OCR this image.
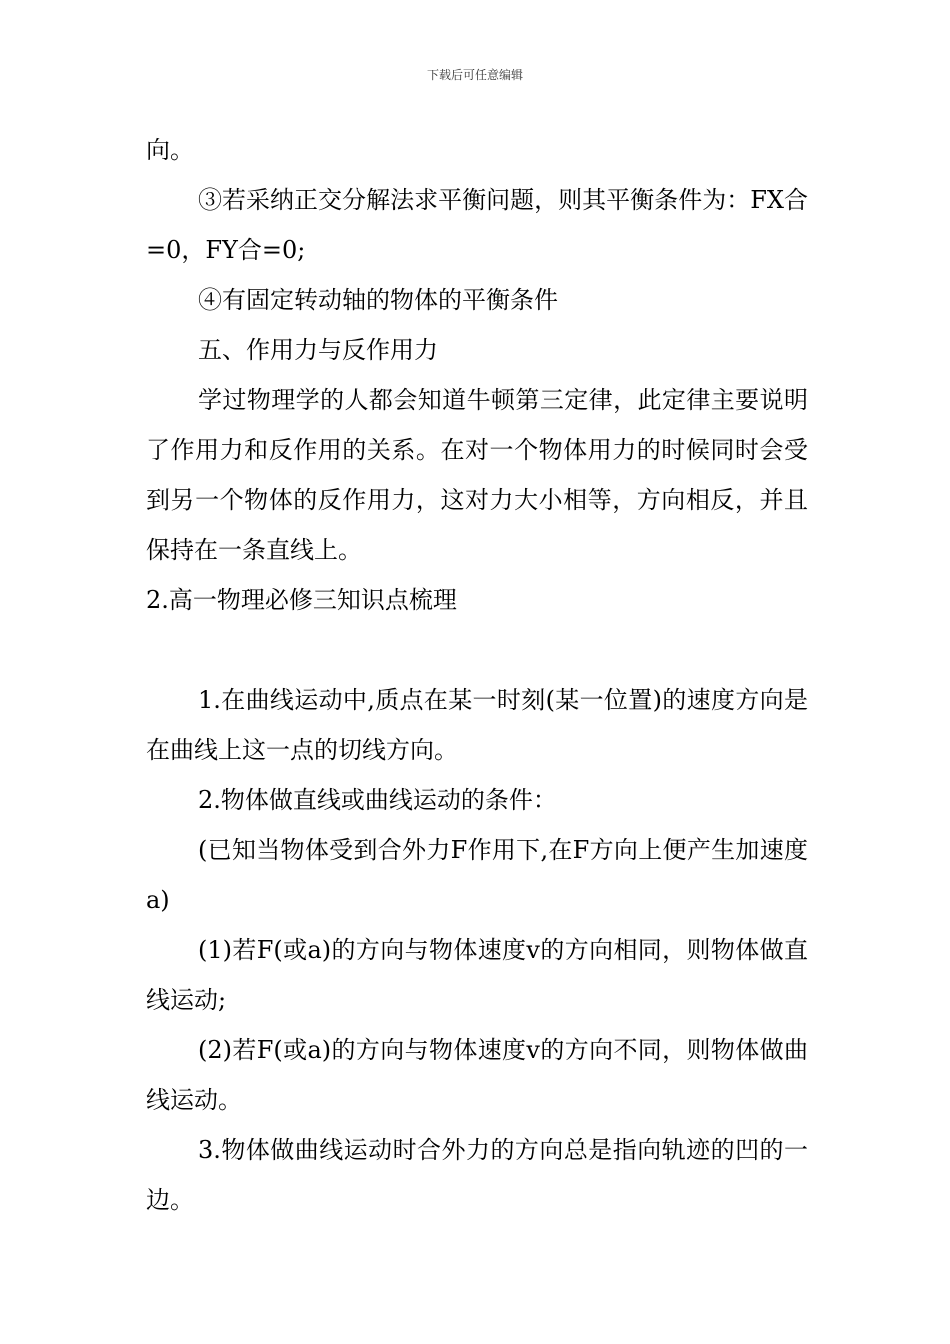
下载后可任意编辑

向。

③若采纳正交分解法求平衡问题，则其平衡条件为：FX合=0，FY合=0;

④有固定转动轴的物体的平衡条件

五、作用力与反作用力

学过物理学的人都会知道牛顿第三定律，此定律主要说明了作用力和反作用的关系。在对一个物体用力的时候同时会受到另一个物体的反作用力，这对力大小相等，方向相反，并且保持在一条直线上。

2.高一物理必修三知识点梳理

1.在曲线运动中,质点在某一时刻(某一位置)的速度方向是在曲线上这一点的切线方向。

2.物体做直线或曲线运动的条件：

(已知当物体受到合外力F作用下,在F方向上便产生加速度a)

(1)若F(或a)的方向与物体速度v的方向相同，则物体做直线运动;

(2)若F(或a)的方向与物体速度v的方向不同，则物体做曲线运动。

3.物体做曲线运动时合外力的方向总是指向轨迹的凹的一边。
